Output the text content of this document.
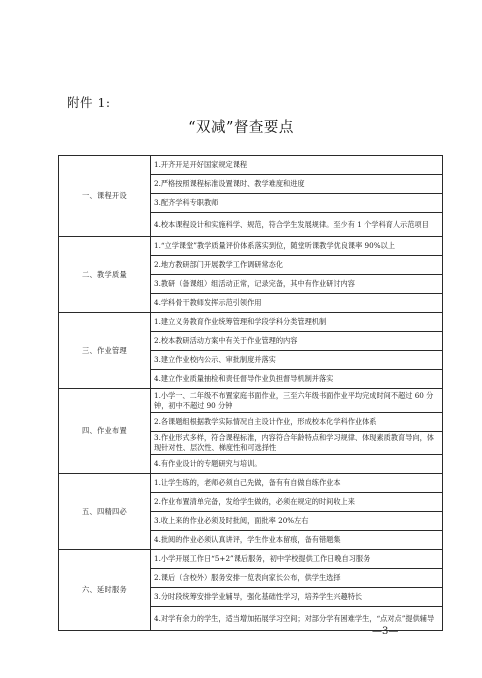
附件 1:
“双减”督查要点
一、课程开设	1.开齐开足开好国家规定课程
	2.严格按照课程标准设置课时、教学难度和进度
	3.配齐学科专职教师
	4.校本课程设计和实施科学、规范，符合学生发展规律。至少有 1 个学科育人示范项目
二、教学质量	1.“立学课堂”教学质量评价体系落实到位，随堂听课教学优良课率 90%以上
	2.地方教研部门开展教学工作调研常态化
	3.教研（备课组）组活动正常，记录完备，其中有作业研讨内容
	4.学科骨干教师发挥示范引领作用
三、作业管理	1.建立义务教育作业统筹管理和学段学科分类管理机制
	2.校本教研活动方案中有关于作业管理的内容
	3.建立作业校内公示、审批制度并落实
	4.建立作业质量抽检和责任督导作业负担督导机制并落实
四、作业布置	1.小学一、二年级不布置家庭书面作业，三至六年级书面作业平均完成时间不超过 60 分钟，初中不超过 90 分钟
	2.各课题组根据教学实际情况自主设计作业，形成校本化学科作业体系
	3.作业形式多样，符合课程标准，内容符合年龄特点和学习规律、体现素质教育导向，体现针对性、层次性、梯度性和可选择性
	4.有作业设计的专题研究与培训。
五、四精四必	1.让学生练的，老师必须自己先做，备有有自做自练作业本
	2.作业布置清单完备，发给学生做的，必须在规定的时间收上来
	3.收上来的作业必须及时批阅，面批率 20%左右
	4.批阅的作业必须认真讲评，学生作业本留痕，备有错题集
六、延时服务	1.小学开展工作日“5+2”课后服务，初中学校提供工作日晚自习服务
	2.课后（含校外）服务安排一览表向家长公布，供学生选择
	3.分时段统筹安排学业辅导，强化基础性学习，培养学生兴趣特长
	4.对学有余力的学生，适当增加拓展学习空间；对部分学有困难学生，“点对点”提供辅导
—3—
